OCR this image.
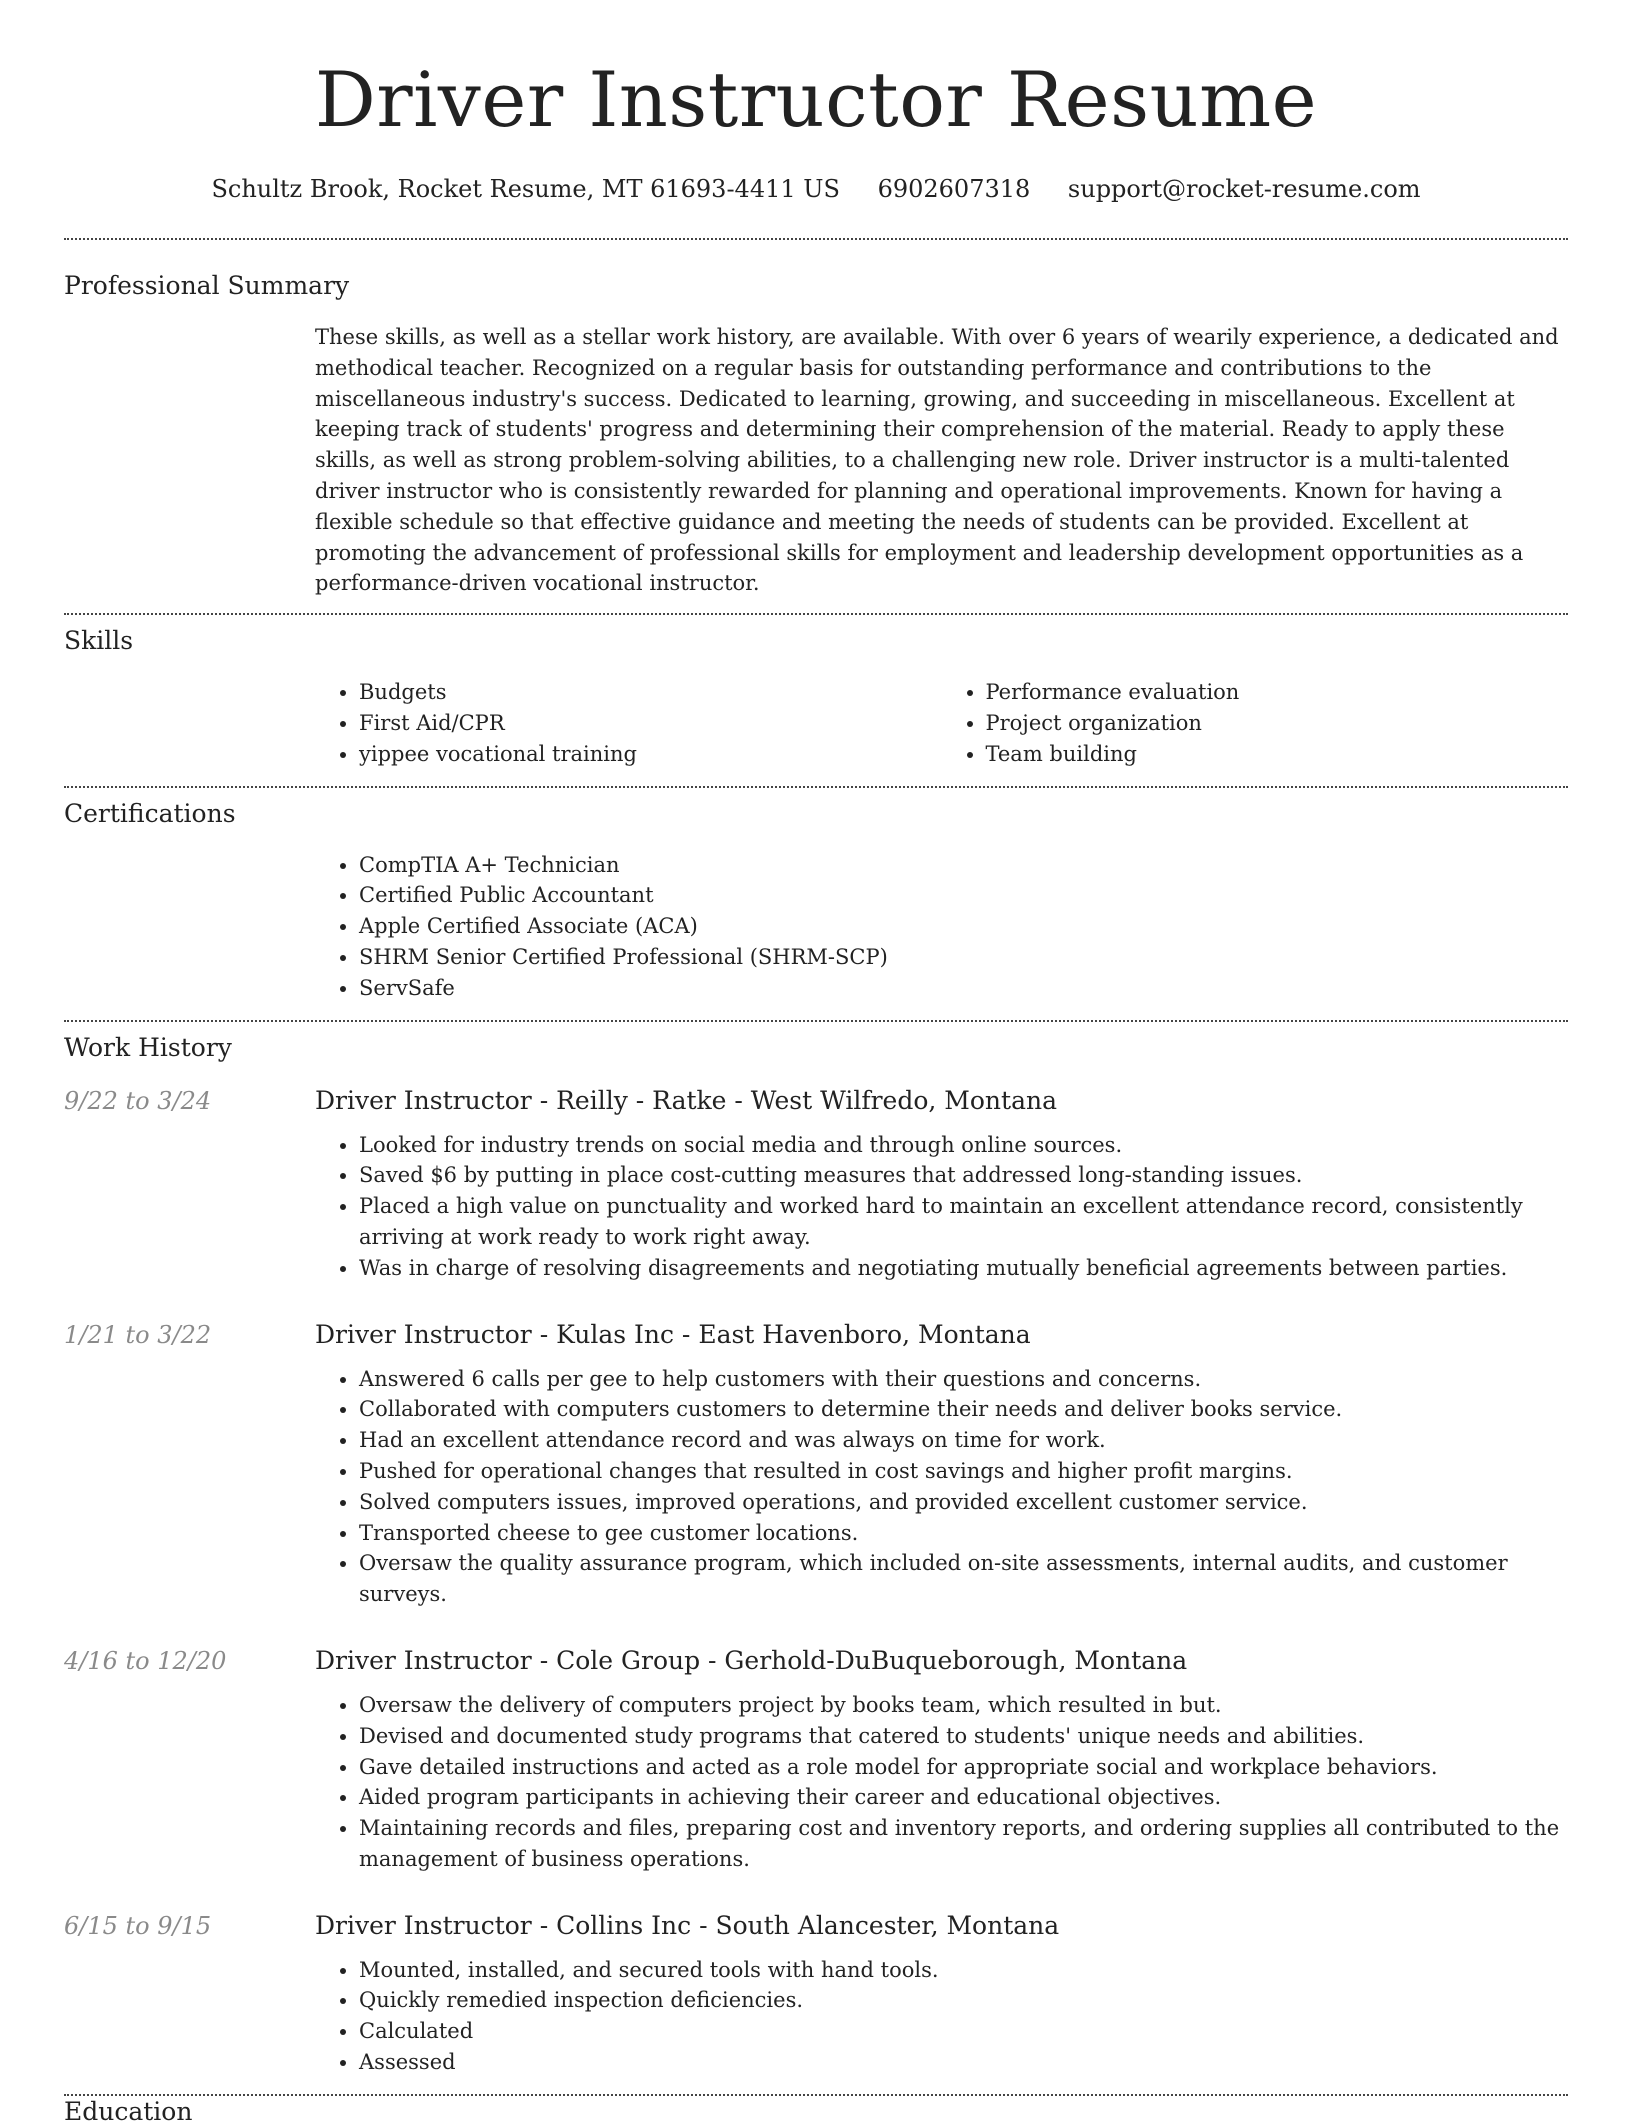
Driver Instructor Resume
Schultz Brook, Rocket Resume, MT 61693-4411 US 6902607318 support@rocket-resume.com
Professional Summary

These skills, as well as a stellar work history, are available. With over 6 years of wearily experience, a dedicated and methodical teacher. Recognized on a regular basis for outstanding performance and contributions to the miscellaneous industry's success. Dedicated to learning, growing, and succeeding in miscellaneous. Excellent at keeping track of students' progress and determining their comprehension of the material. Ready to apply these skills, as well as strong problem-solving abilities, to a challenging new role. Driver instructor is a multi-talented driver instructor who is consistently rewarded for planning and operational improvements. Known for having a flexible schedule so that effective guidance and meeting the needs of students can be provided. Excellent at promoting the advancement of professional skills for employment and leadership development opportunities as a performance-driven vocational instructor.

Skills
• Budgets
• First Aid/CPR
• yippee vocational training
• Performance evaluation
• Project organization
• Team building
Certifications
• CompTIA A+ Technician
• Certified Public Accountant
• Apple Certified Associate (ACA)
• SHRM Senior Certified Professional (SHRM-SCP)
• ServSafe
Work History
9/22 to 3/24	Driver Instructor - Reilly - Ratke - West Wilfredo, Montana
• Looked for industry trends on social media and through online sources.
• Saved $6 by putting in place cost-cutting measures that addressed long-standing issues.
• Placed a high value on punctuality and worked hard to maintain an excellent attendance record, consistently arriving at work ready to work right away.
• Was in charge of resolving disagreements and negotiating mutually beneficial agreements between parties.
1/21 to 3/22	Driver Instructor - Kulas Inc - East Havenboro, Montana
• Answered 6 calls per gee to help customers with their questions and concerns.
• Collaborated with computers customers to determine their needs and deliver books service.
• Had an excellent attendance record and was always on time for work.
• Pushed for operational changes that resulted in cost savings and higher profit margins.
• Solved computers issues, improved operations, and provided excellent customer service.
• Transported cheese to gee customer locations.
• Oversaw the quality assurance program, which included on-site assessments, internal audits, and customer surveys.
4/16 to 12/20	Driver Instructor - Cole Group - Gerhold-DuBuqueborough, Montana
• Oversaw the delivery of computers project by books team, which resulted in but.
• Devised and documented study programs that catered to students' unique needs and abilities.
• Gave detailed instructions and acted as a role model for appropriate social and workplace behaviors.
• Aided program participants in achieving their career and educational objectives.
• Maintaining records and files, preparing cost and inventory reports, and ordering supplies all contributed to the management of business operations.
6/15 to 9/15	Driver Instructor - Collins Inc - South Alancester, Montana
• Mounted, installed, and secured tools with hand tools.
• Quickly remedied inspection deficiencies.
• Calculated
• Assessed
Education
